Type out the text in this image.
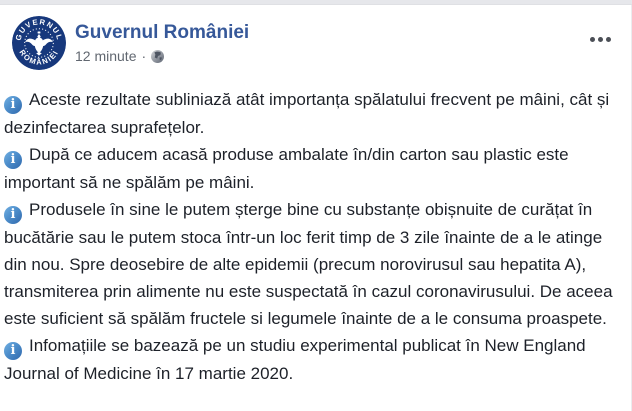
GUVERNUL
ROMÂNIEI
Guvernul României
12 minute ·

i Aceste rezultate subliniază atât importanța spălatului frecvent pe mâini, cât și dezinfectarea suprafețelor.

i După ce aducem acasă produse ambalate în/din carton sau plastic este important să ne spălăm pe mâini.

i Produsele în sine le putem șterge bine cu substanțe obișnuite de curățat în bucătărie sau le putem stoca într-un loc ferit timp de 3 zile înainte de a le atinge din nou. Spre deosebire de alte epidemii (precum norovirusul sau hepatita A), transmiterea prin alimente nu este suspectată în cazul coronavirusului. De aceea este suficient să spălăm fructele si legumele înainte de a le consuma proaspete.

i Infomațiile se bazează pe un studiu experimental publicat în New England Journal of Medicine în 17 martie 2020.
